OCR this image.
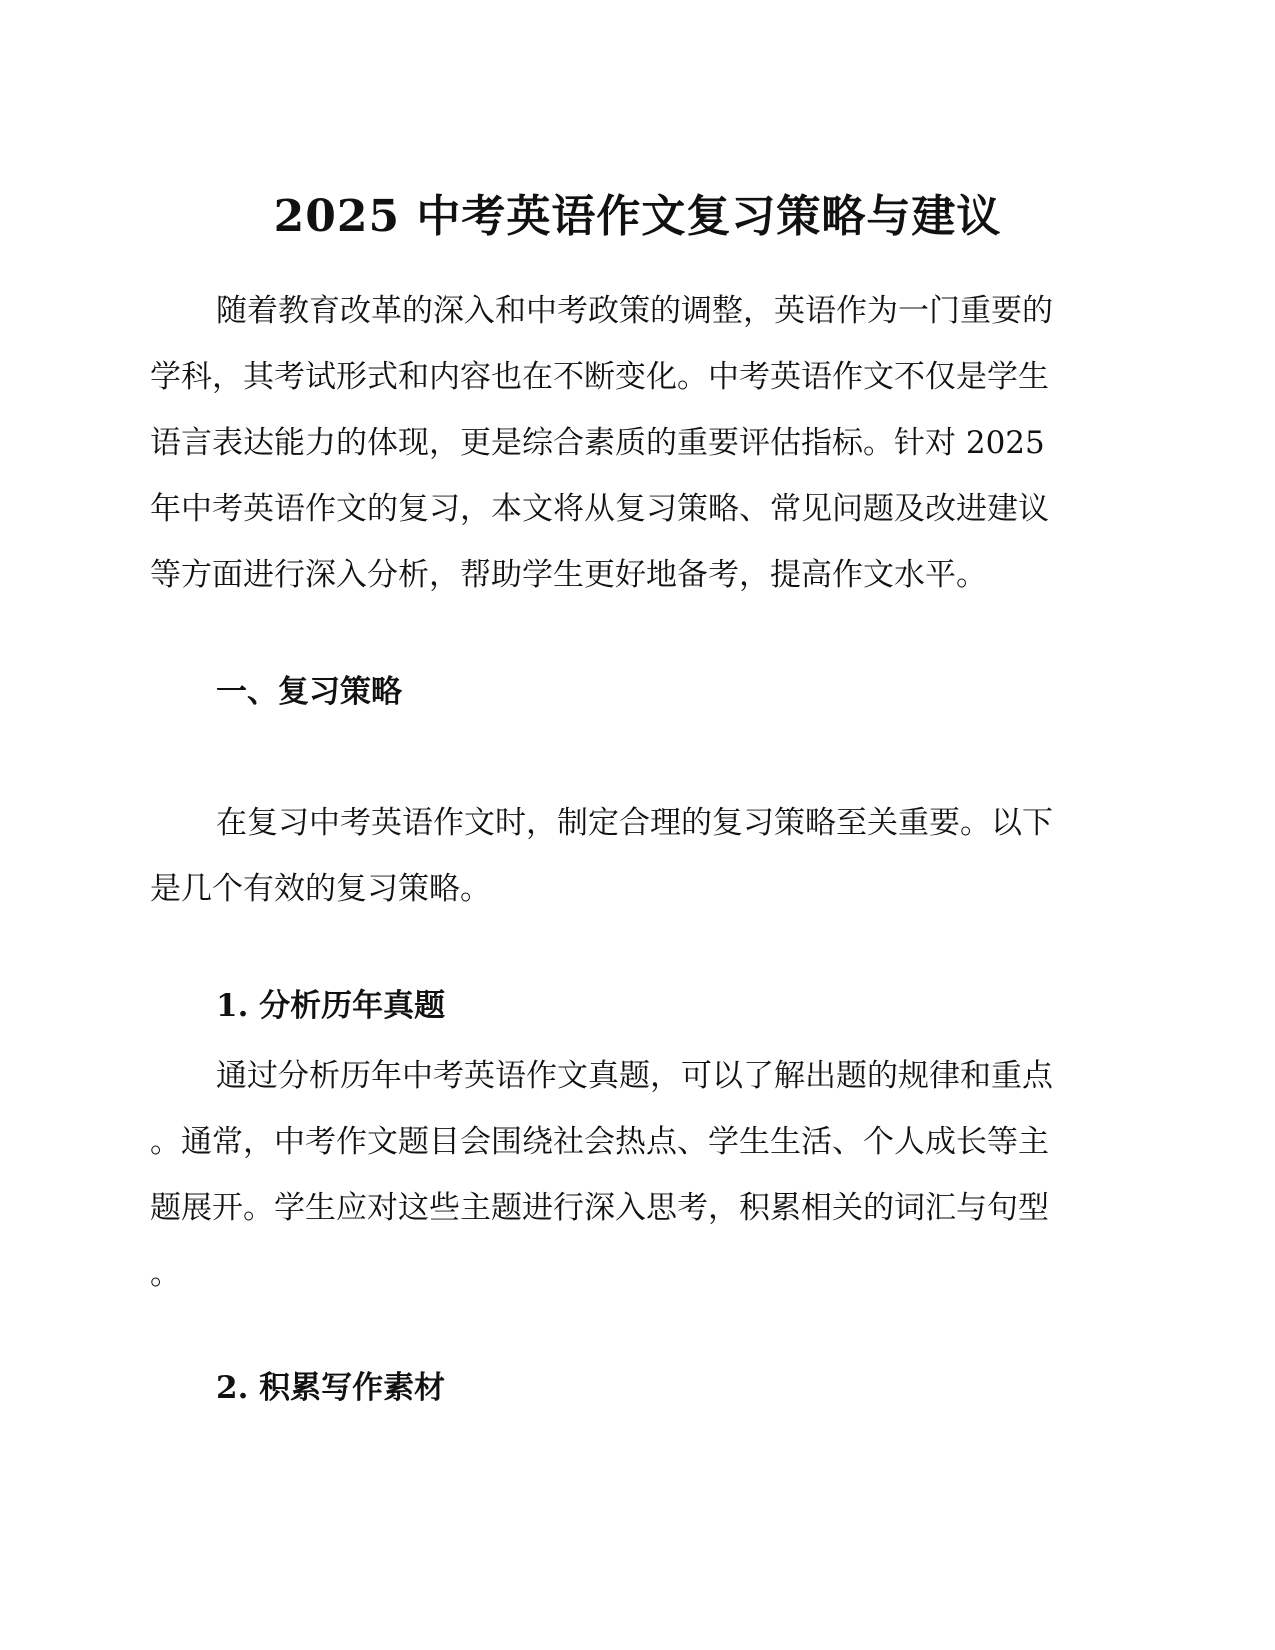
2025 中考英语作文复习策略与建议
随着教育改革的深入和中考政策的调整，英语作为一门重要的
学科，其考试形式和内容也在不断变化。中考英语作文不仅是学生
语言表达能力的体现，更是综合素质的重要评估指标。针对 2025
年中考英语作文的复习，本文将从复习策略、常见问题及改进建议
等方面进行深入分析，帮助学生更好地备考，提高作文水平。
一、复习策略
在复习中考英语作文时，制定合理的复习策略至关重要。以下
是几个有效的复习策略。
1. 分析历年真题
通过分析历年中考英语作文真题，可以了解出题的规律和重点
。通常，中考作文题目会围绕社会热点、学生生活、个人成长等主
题展开。学生应对这些主题进行深入思考，积累相关的词汇与句型
。
2. 积累写作素材
